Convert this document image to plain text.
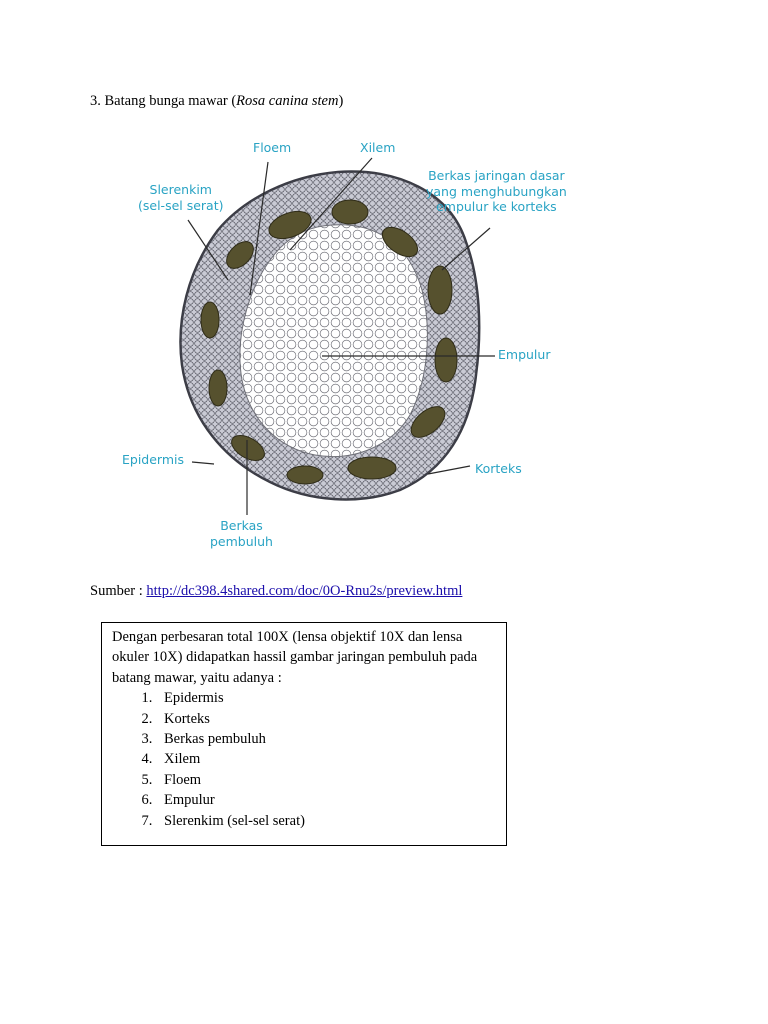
3. Batang bunga mawar (Rosa canina stem)
Floem	Xilem
Slerenkim
(sel-sel serat)
Berkas jaringan dasar
yang menghubungkan
empulur ke korteks
Empulur
Epidermis
Korteks
Berkas
pembuluh
Sumber : http://dc398.4shared.com/doc/0O-Rnu2s/preview.html

Dengan perbesaran total 100X (lensa objektif 10X dan lensa okuler 10X) didapatkan hassil gambar jaringan pembuluh pada batang mawar, yaitu adanya :

1. Epidermis
2. Korteks
3. Berkas pembuluh
4. Xilem
5. Floem
6. Empulur
7. Slerenkim (sel-sel serat)
